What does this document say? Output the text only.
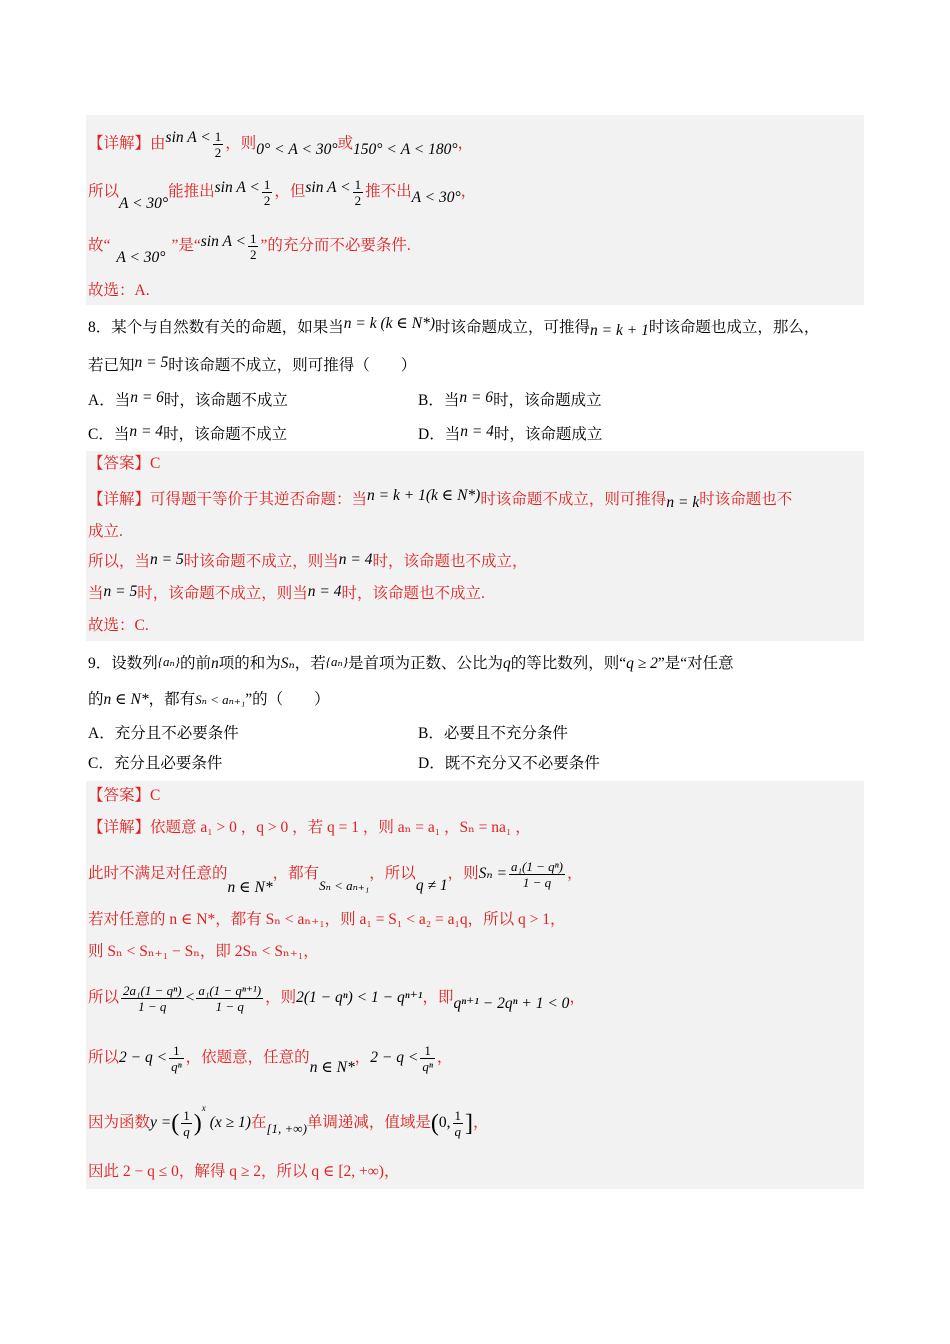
【详解】由$\sin A < \frac{1}{2}$ ，则0° < A < 30°或150° < A < 180°，
所以A < 30°能推出$\sin A < \frac{1}{2}$ ，但$\sin A < \frac{1}{2}$ 推不出A < 30°，
故“A < 30°”是“sin $A < \frac{1}{2}$ ”的充分而不必要条件.
故选：A.
8．某个与自然数有关的命题，如果当n = k (k ∈ N*)时该命题成立，可推得n = k + 1时该命题也成立，那么，
若已知n = 5时该命题不成立，则可推得（　　）
A．当n = 6时，该命题不成立	B．当n = 6时，该命题成立
C．当n = 4时，该命题不成立	D．当n = 4时，该命题成立
【答案】C
【详解】可得题干等价于其逆否命题：当n = k + 1(k ∈ N*)时该命题不成立，则可推得n = k时该命题也不
成立.
所以，当n = 5时该命题不成立，则当n = 4时，该命题也不成立，
当n = 5时，该命题不成立，则当n = 4时，该命题也不成立.
故选：C.
9．设数列{aₙ}的前n项的和为Sₙ，若{aₙ}是首项为正数、公比为q的等比数列，则“q ≥ 2”是“对任意
的n ∈ N*，都有Sₙ < aₙ₊₁”的（　　）
A．充分且不必要条件	B．必要且不充分条件
C．充分且必要条件	D．既不充分又不必要条件
【答案】C
【详解】依题意 a₁ > 0 ，q > 0 ，若 q = 1 ，则 aₙ = a₁ ，Sₙ = na₁ ，
此时不满足对任意的n ∈ N*，都有$_{S_n < a_{n+1}}$，所以q ≠ 1，则$S_n = \frac{\text{a₁(1 − qⁿ)}}{1 - q}$ ，
若对任意的 n ∈ N*，都有 Sₙ < aₙ₊₁，则 a₁ = S₁ < a₂ = a₁q，所以 q > 1，
则 Sₙ < Sₙ₊₁ − Sₙ，即 2Sₙ < Sₙ₊₁，
所以 $\frac{\text{2a₁(1 − qⁿ)}}{1 - q} < \frac{\text{a₁(1 − qⁿ⁺¹)}}{1 - q}$ ，则2(1 − qⁿ) < 1 − qⁿ⁺¹，即qⁿ⁺¹ − 2qⁿ + 1 < 0，
所以$2 - q < \frac{1}{\text{qⁿ}}$ ，依题意，任意的n ∈ N*，$2 - q < \frac{1}{\text{qⁿ}}$ ，
因为函数y =( $\frac{1}{q} )^x(x \ge 1)$在$_{[1, +\infty)}$单调递减，值域是(0, $\frac{1}{q}$ ]，
因此 2 − q ≤ 0，解得 q ≥ 2，所以 q ∈ [2, +∞)，
